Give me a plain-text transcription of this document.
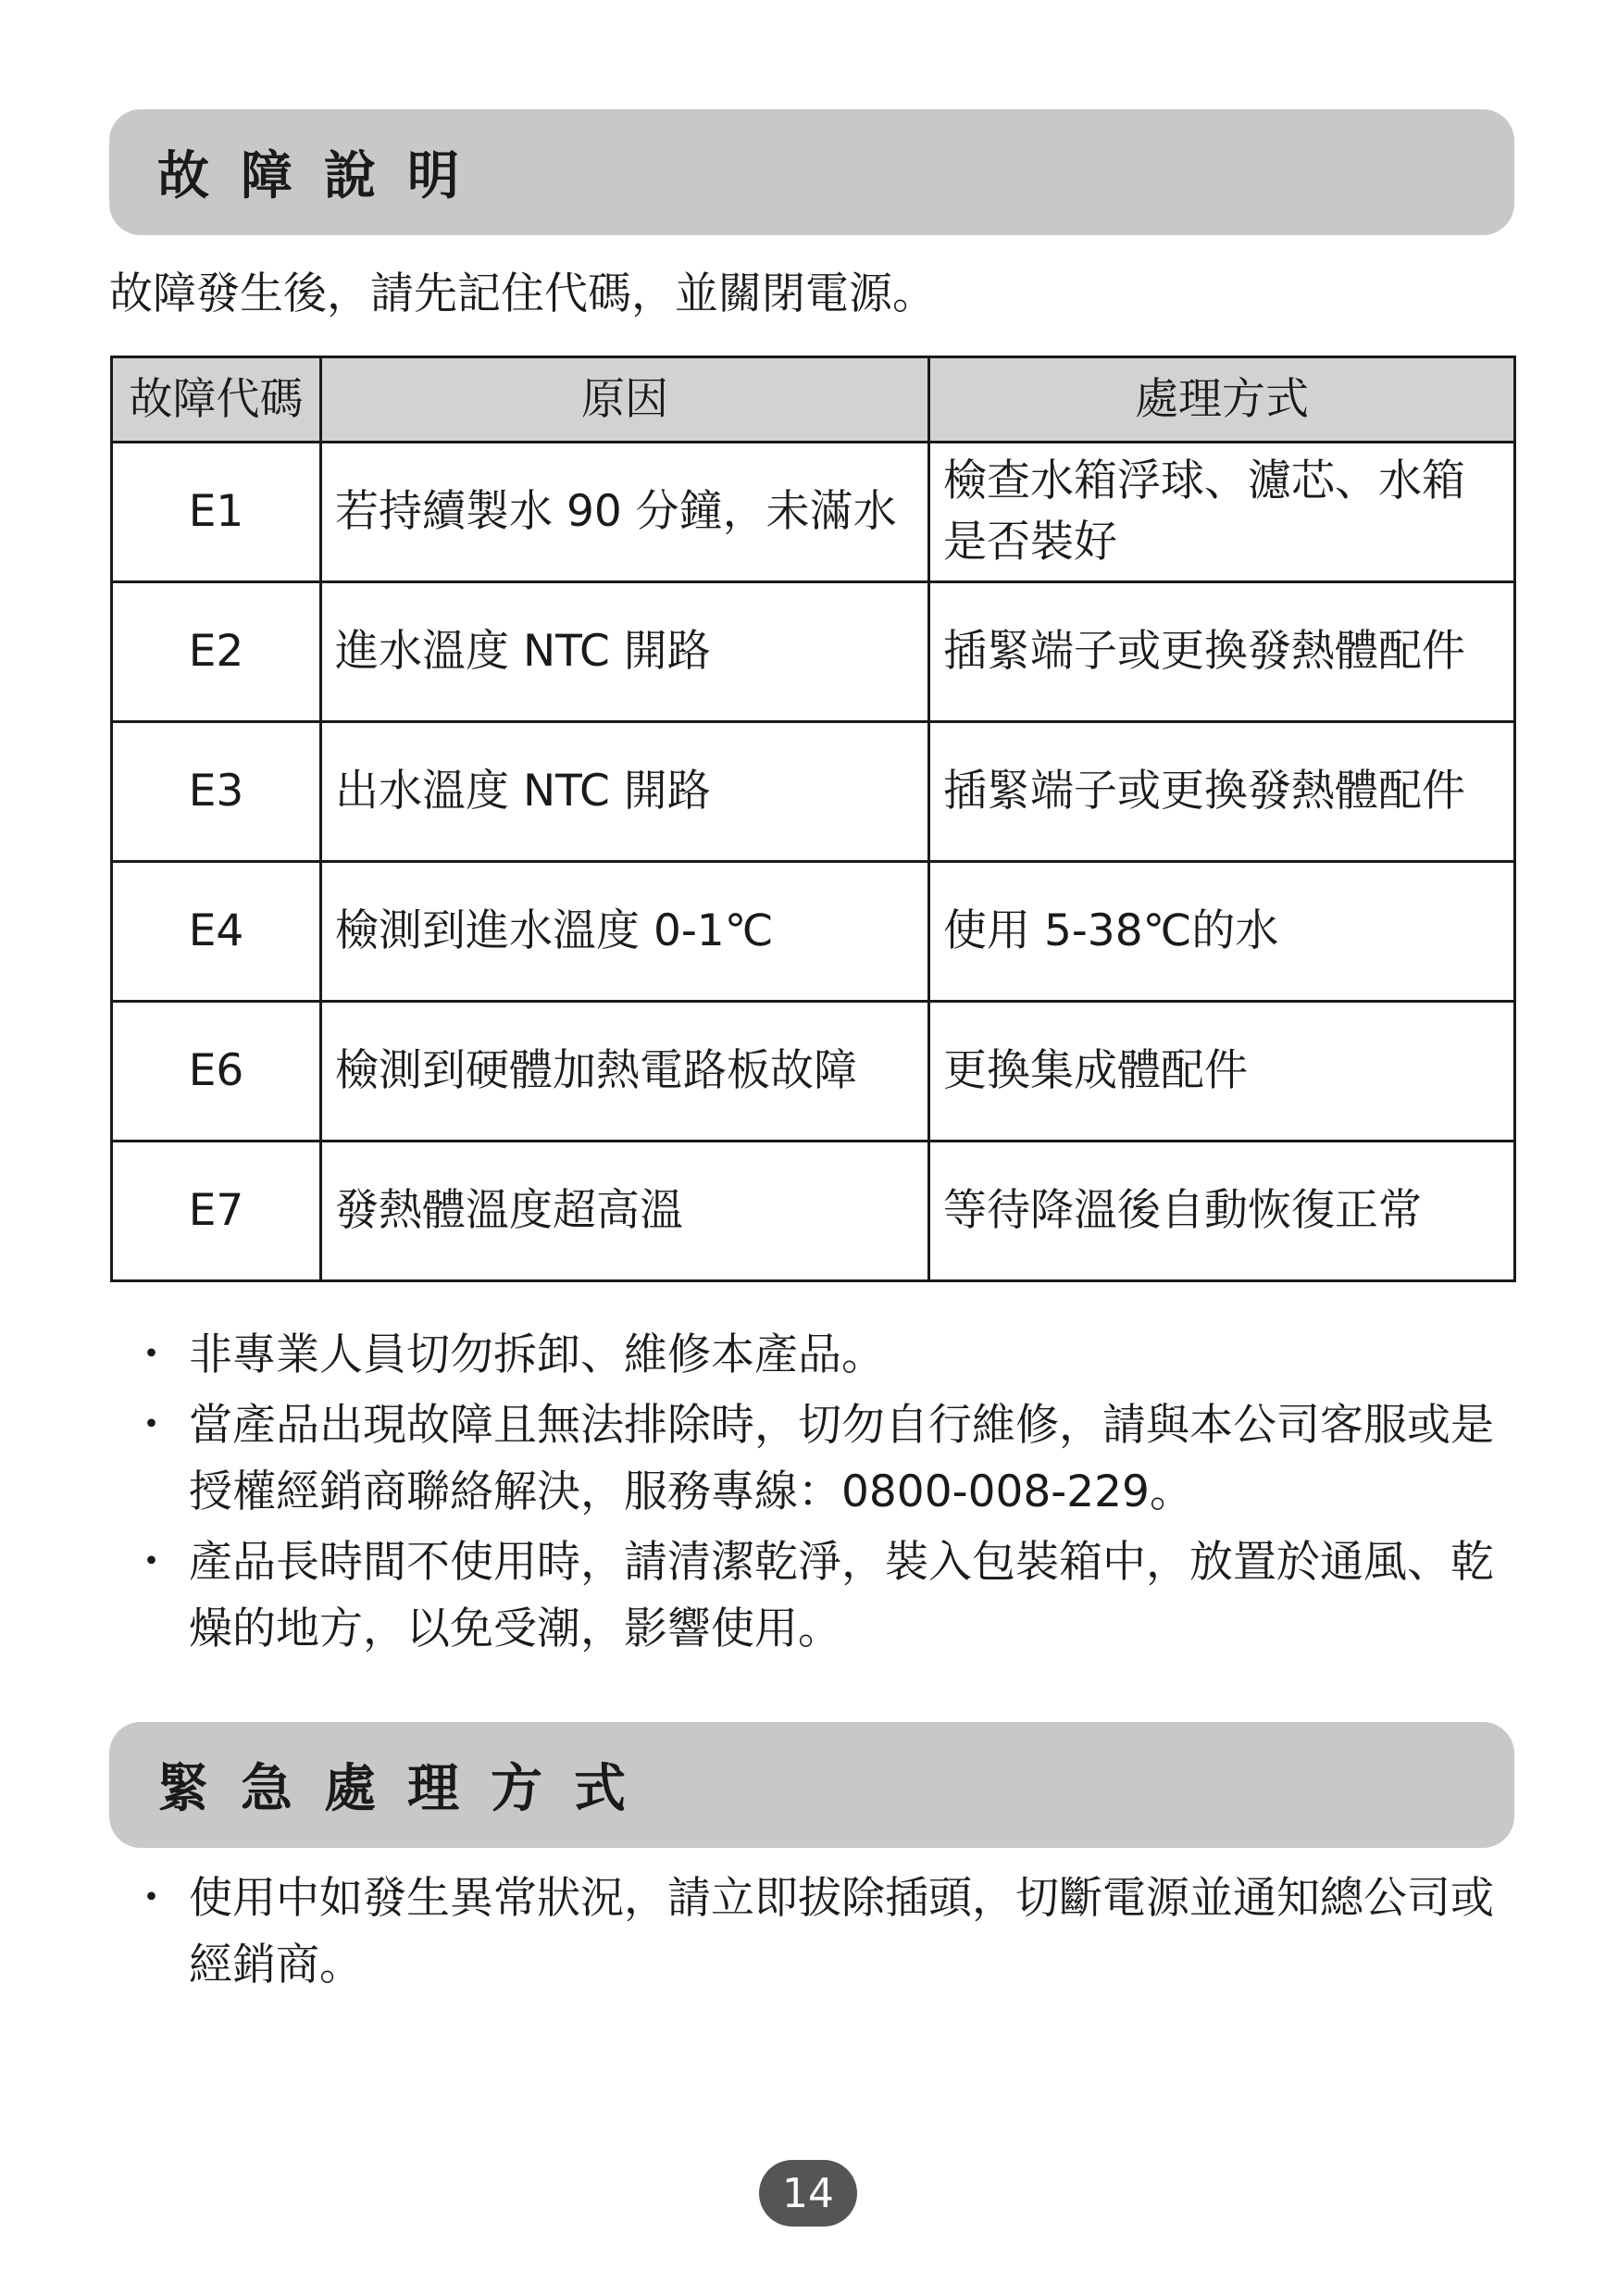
故障說明
故障發生後，請先記住代碼，並關閉電源。
故障代碼	原因	處理方式
E1	若持續製水 90 分鐘，未滿水	檢查水箱浮球、濾芯、水箱是否裝好
E2	進水溫度 NTC 開路	插緊端子或更換發熱體配件
E3	出水溫度 NTC 開路	插緊端子或更換發熱體配件
E4	檢測到進水溫度 0-1℃	使用 5-38℃的水
E6	檢測到硬體加熱電路板故障	更換集成體配件
E7	發熱體溫度超高溫	等待降溫後自動恢復正常
・ 非專業人員切勿拆卸、維修本產品。
・ 當產品出現故障且無法排除時，切勿自行維修，請與本公司客服或是授權經銷商聯絡解決，服務專線：0800-008-229。
・ 產品長時間不使用時，請清潔乾淨，裝入包裝箱中，放置於通風、乾燥的地方，以免受潮，影響使用。
緊急處理方式
・ 使用中如發生異常狀況，請立即拔除插頭，切斷電源並通知總公司或經銷商。
14
